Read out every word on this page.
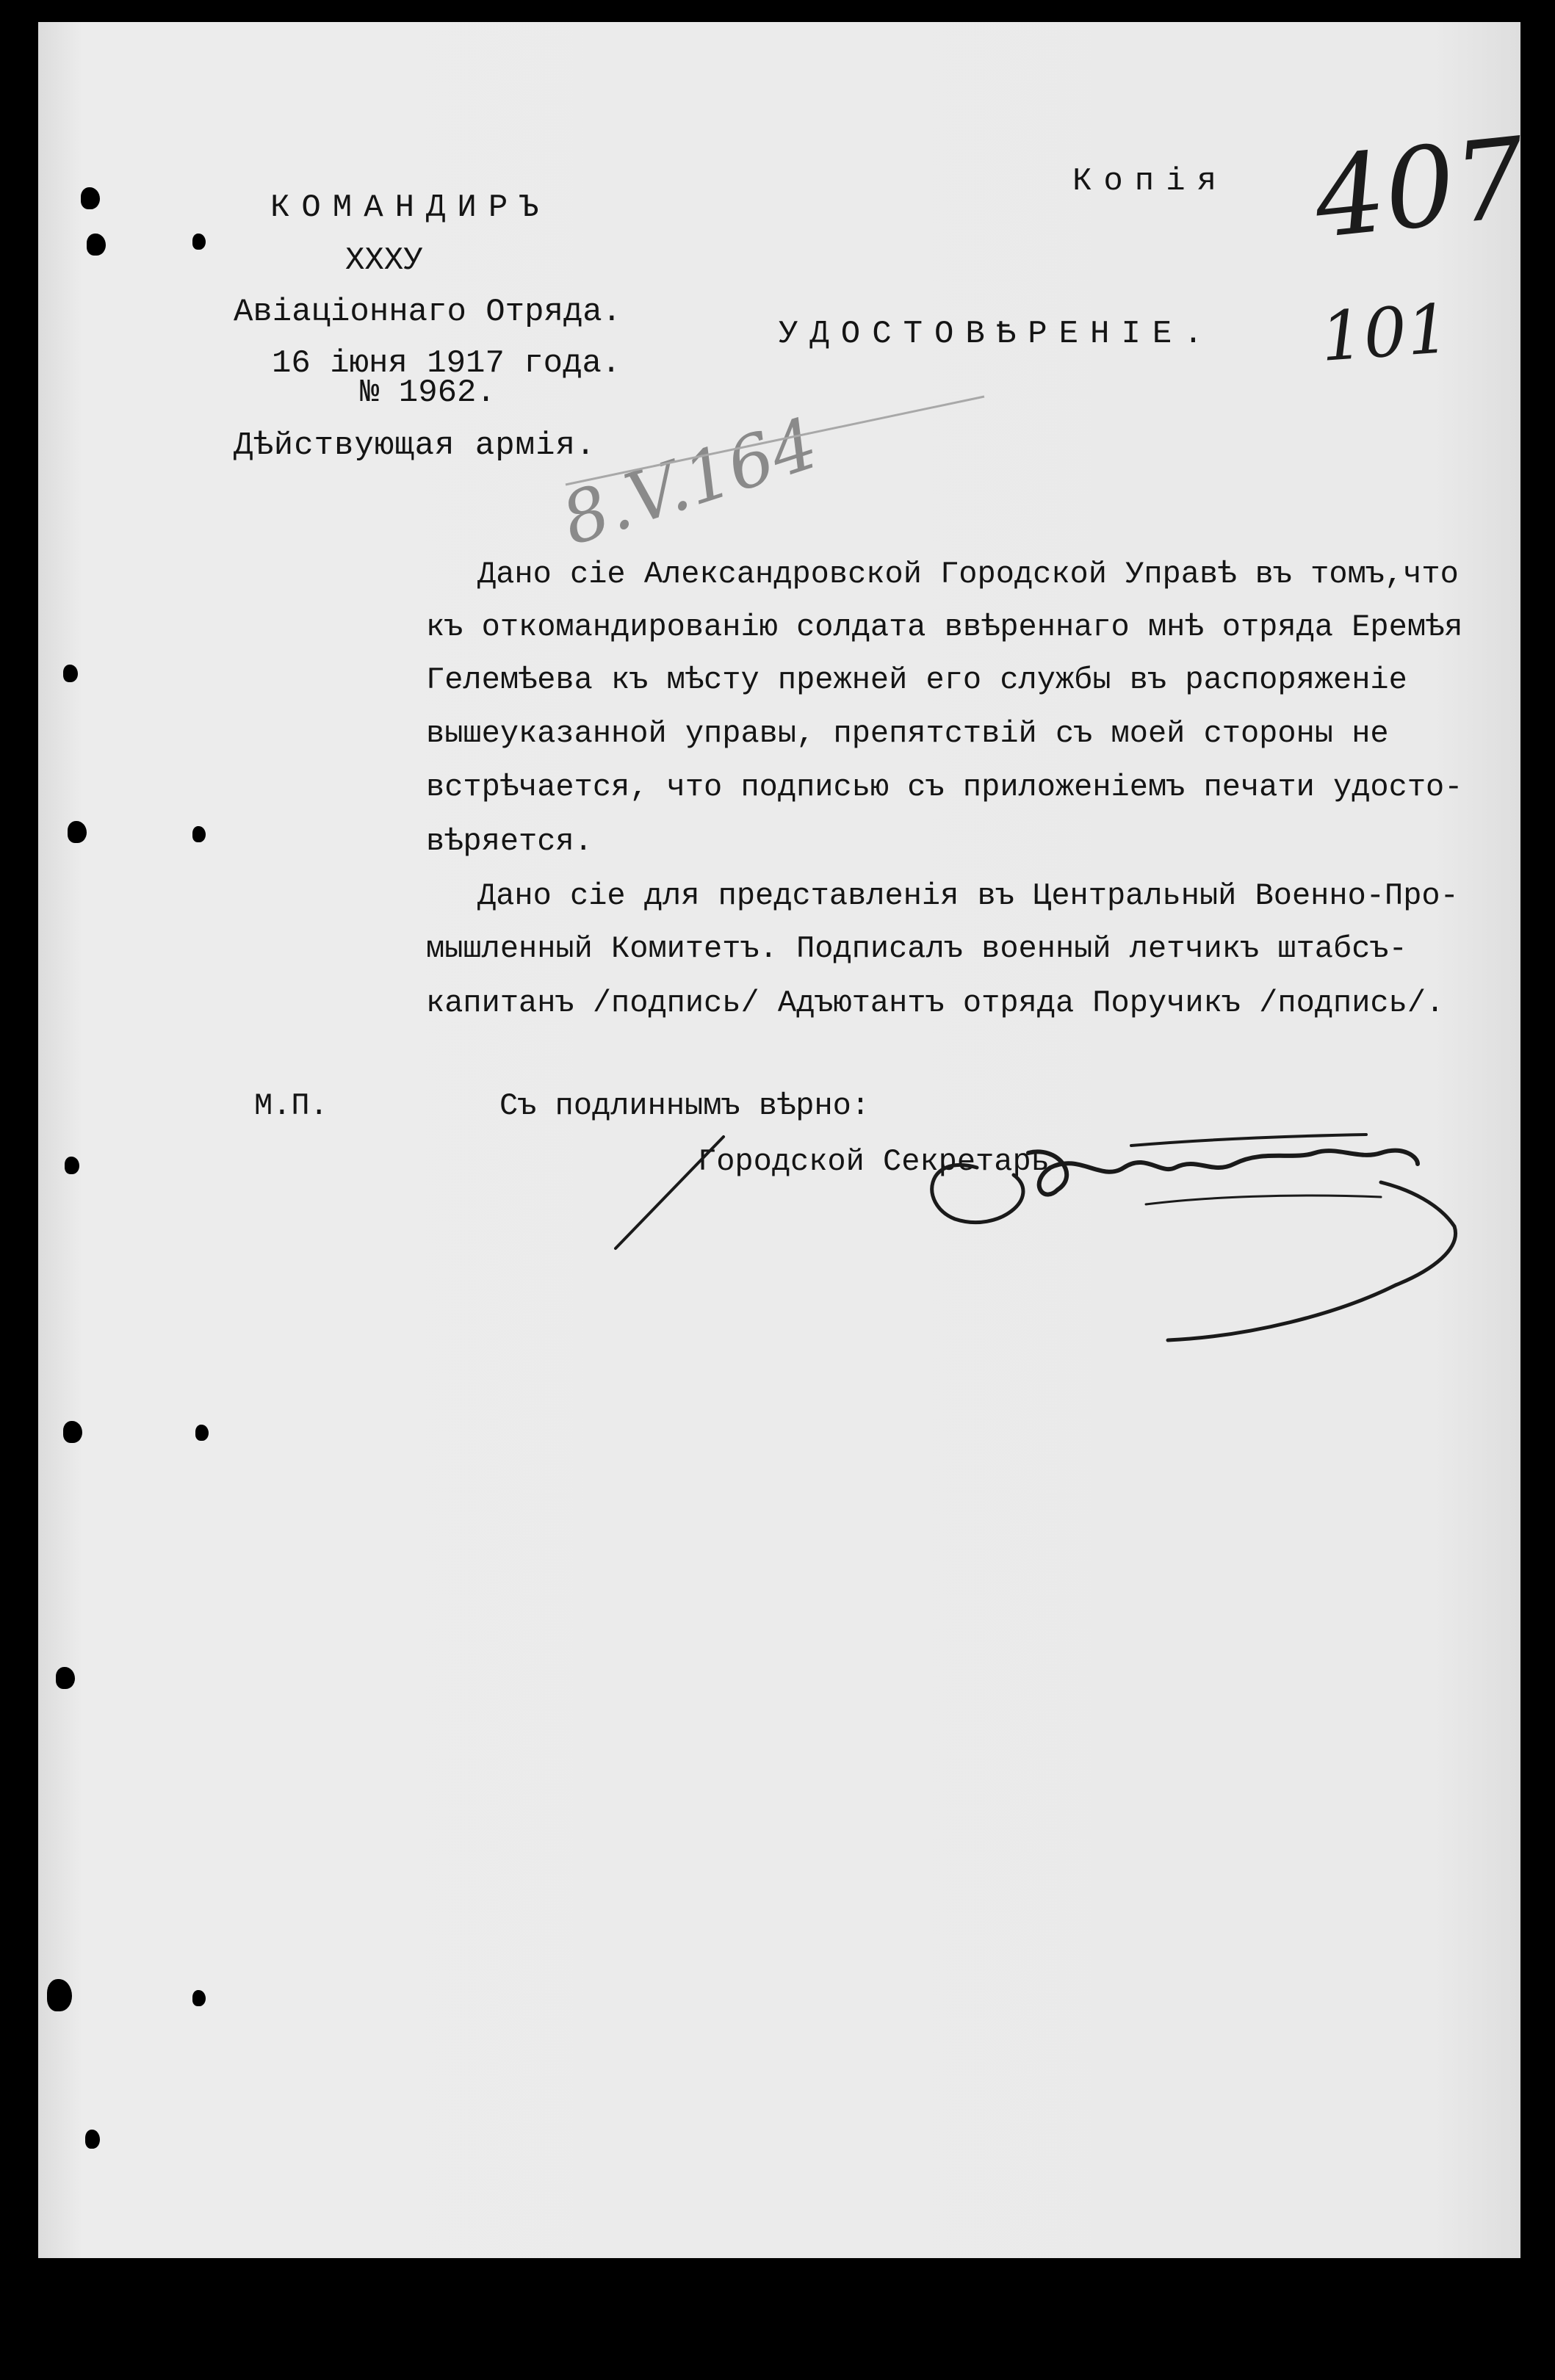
КОМАНДИРЪ
XXXУ
Авіаціоннаго Отряда.
16 іюня 1917 года.
№ 1962.
Дѣйствующая армія.
Копія
УДОСТОВѢРЕНІЕ.
407
101
8.V.164
Дано сіе Александровской Городской Управѣ въ томъ,что
къ откомандированію солдата ввѣреннаго мнѣ отряда Еремѣя
Гелемѣева къ мѣсту прежней его службы въ распоряженіе
вышеуказанной управы, препятствій съ моей стороны не
встрѣчается, что подписью съ приложеніемъ печати удосто-
вѣряется.
Дано сіе для представленія въ Центральный Военно-Про-
мышленный Комитетъ. Подписалъ военный летчикъ штабсъ-
капитанъ /подпись/ Адъютантъ отряда Поручикъ /подпись/.
М.П.	Съ подлиннымъ вѣрно:
Городской Секретарь
